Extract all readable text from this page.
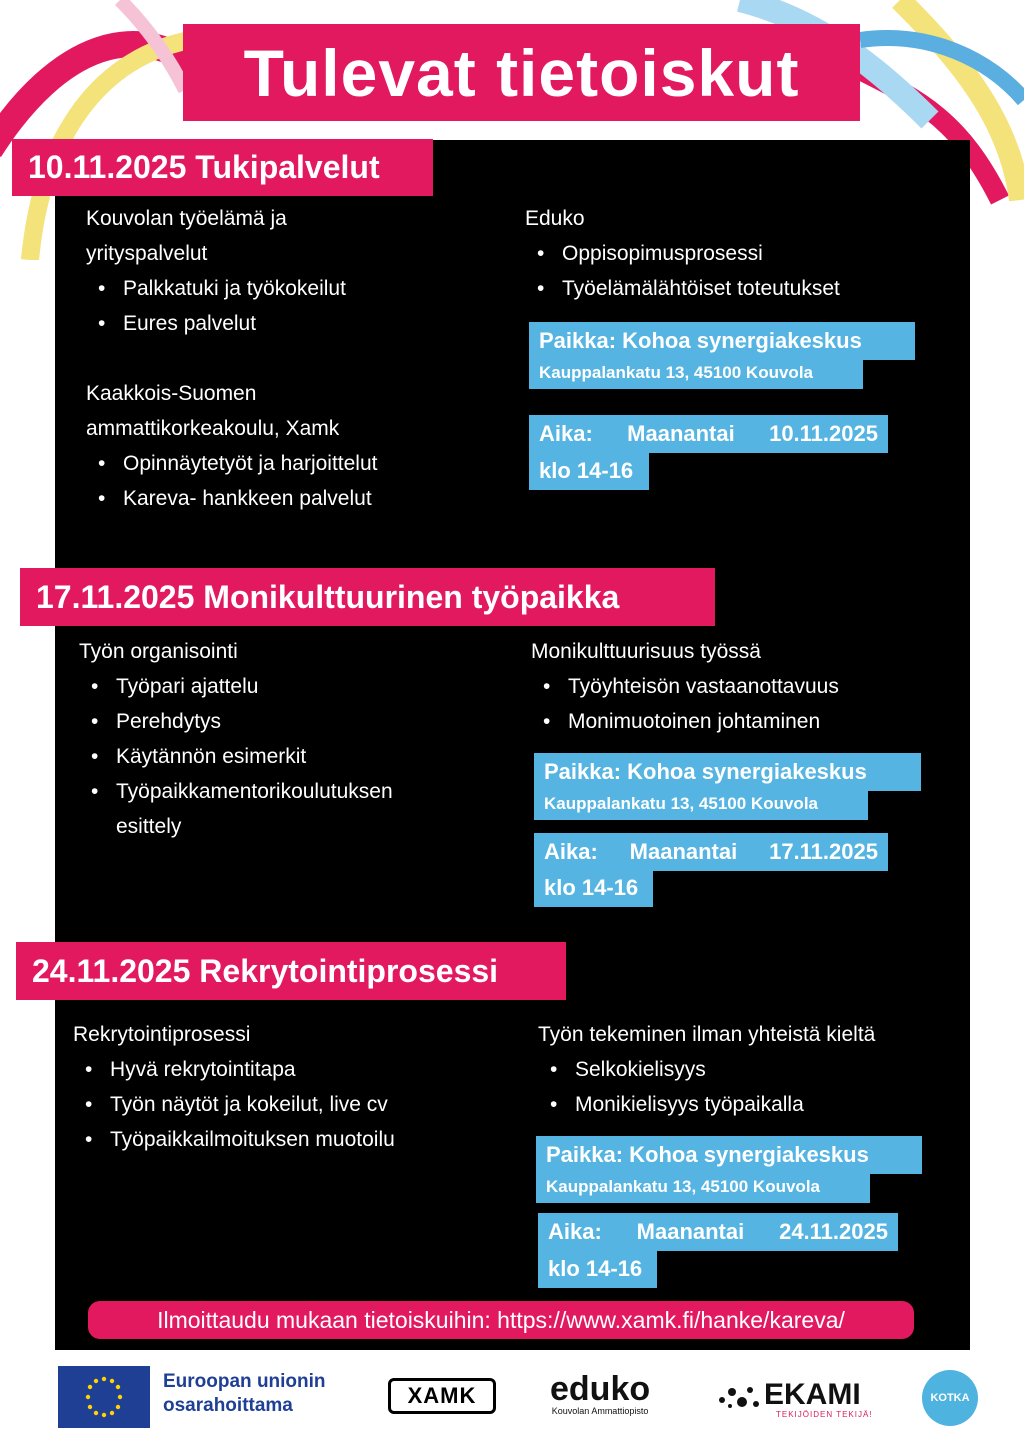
Tulevat tietoiskut
10.11.2025 Tukipalvelut
Kouvolan työelämä ja
yrityspalvelut
• Palkkatuki ja työkokeilut
• Eures palvelut
Kaakkois-Suomen
ammattikorkeakoulu, Xamk
• Opinnäytetyöt ja harjoittelut
• Kareva- hankkeen palvelut
Eduko
• Oppisopimusprosessi
• Työelämälähtöiset toteutukset
Paikka: Kohoa synergiakeskus
Kauppalankatu 13, 45100 Kouvola
Aika: Maanantai 10.11.2025
klo 14-16
17.11.2025 Monikulttuurinen työpaikka
Työn organisointi
• Työpari ajattelu
• Perehdytys
• Käytännön esimerkit
• Työpaikkamentorikoulutuksen esittely
Monikulttuurisuus työssä
• Työyhteisön vastaanottavuus
• Monimuotoinen johtaminen
Paikka: Kohoa synergiakeskus
Kauppalankatu 13, 45100 Kouvola
Aika: Maanantai 17.11.2025
klo 14-16
24.11.2025 Rekrytointiprosessi
Rekrytointiprosessi
• Hyvä rekrytointitapa
• Työn näytöt ja kokeilut, live cv
• Työpaikkailmoituksen muotoilu
Työn tekeminen ilman yhteistä kieltä
• Selkokielisyys
• Monikielisyys työpaikalla
Paikka: Kohoa synergiakeskus
Kauppalankatu 13, 45100 Kouvola
Aika: Maanantai 24.11.2025
klo 14-16
Ilmoittaudu mukaan tietoiskuihin: https://www.xamk.fi/hanke/kareva/
Euroopan unionin
osarahoittama	XAMK	eduko
Kouvolan Ammattiopisto	EKAMI
TEKIJÖIDEN TEKIJÄ!
KOTKA
